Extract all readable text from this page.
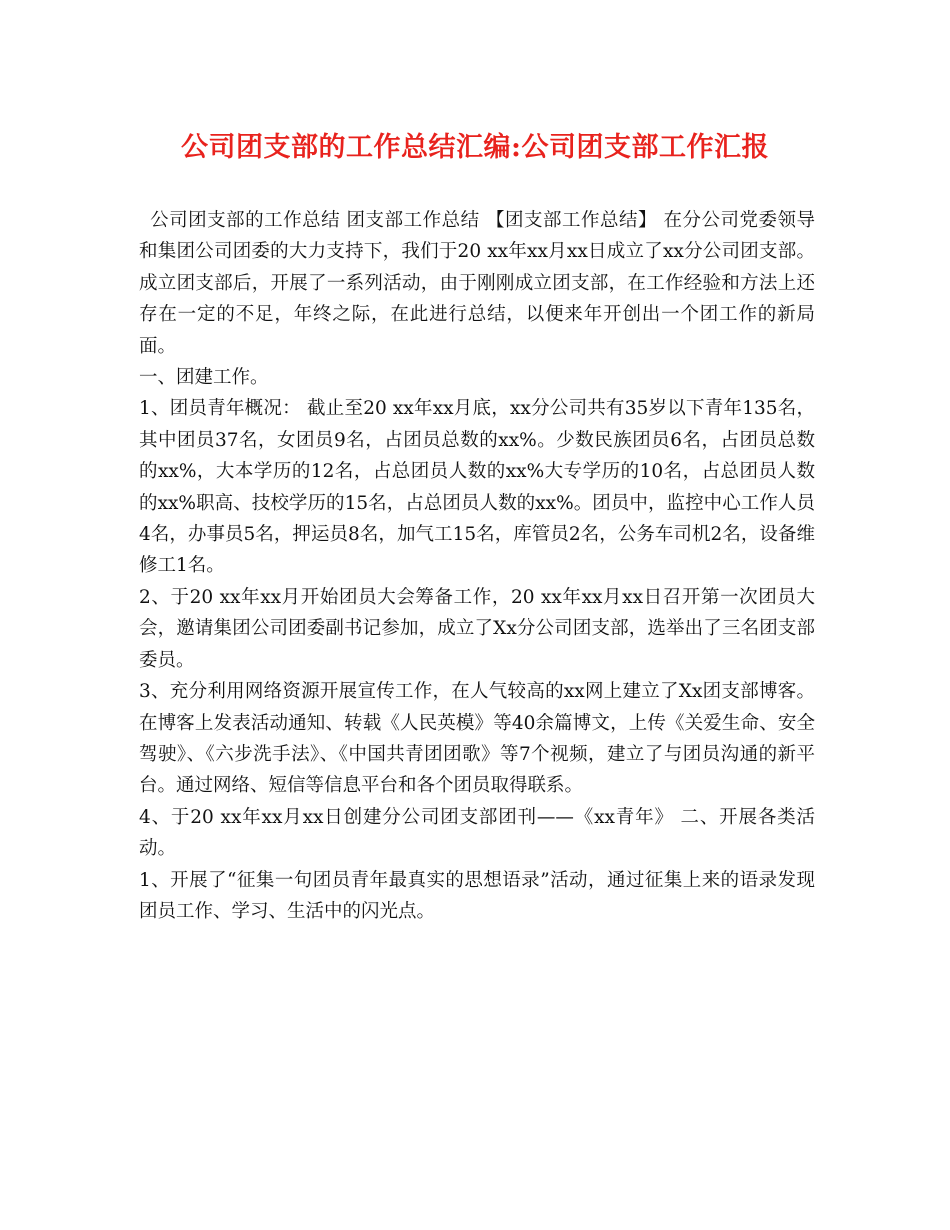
公司团支部的工作总结汇编:公司团支部工作汇报

公司团支部的工作总结 团支部工作总结 【团支部工作总结】 在分公司党委领导和集团公司团委的大力支持下，我们于20 xx年xx月xx日成立了xx分公司团支部。成立团支部后，开展了一系列活动，由于刚刚成立团支部，在工作经验和方法上还存在一定的不足，年终之际，在此进行总结，以便来年开创出一个团工作的新局面。

一、团建工作。

1、团员青年概况： 截止至20 xx年xx月底，xx分公司共有35岁以下青年135名，其中团员37名，女团员9名，占团员总数的xx%。少数民族团员6名，占团员总数的xx%，大本学历的12名，占总团员人数的xx%大专学历的10名，占总团员人数的xx%职高、技校学历的15名，占总团员人数的xx%。团员中，监控中心工作人员4名，办事员5名，押运员8名，加气工15名，库管员2名，公务车司机2名，设备维修工1名。

2、于20 xx年xx月开始团员大会筹备工作，20 xx年xx月xx日召开第一次团员大会，邀请集团公司团委副书记参加，成立了Xx分公司团支部，选举出了三名团支部委员。

3、充分利用网络资源开展宣传工作，在人气较高的xx网上建立了Xx团支部博客。在博客上发表活动通知、转载《人民英模》等40余篇博文，上传《关爱生命、安全驾驶》、《六步洗手法》、《中国共青团团歌》等7个视频，建立了与团员沟通的新平台。通过网络、短信等信息平台和各个团员取得联系。

4、于20 xx年xx月xx日创建分公司团支部团刊——《xx青年》 二、开展各类活动。

1、开展了“征集一句团员青年最真实的思想语录”活动，通过征集上来的语录发现团员工作、学习、生活中的闪光点。
